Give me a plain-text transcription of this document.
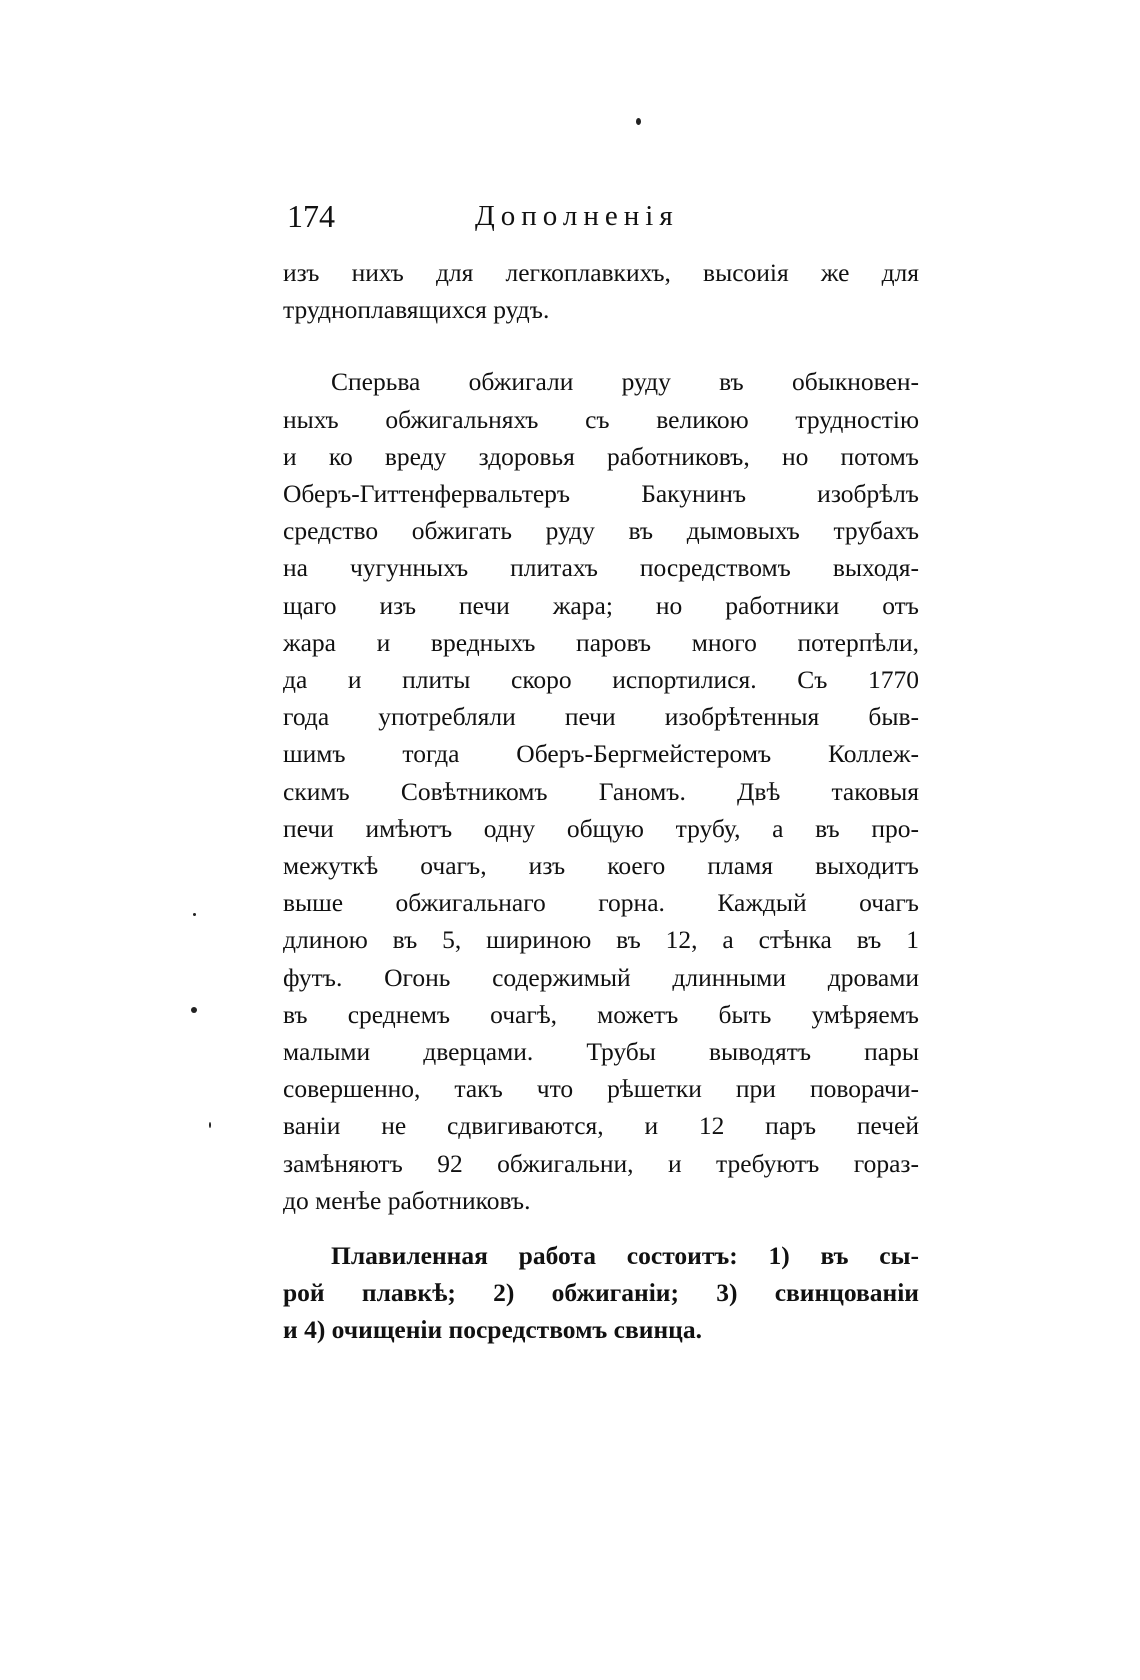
174	Дополненія
изъ нихъ для легкоплавкихъ, высоиія же для
трудноплавящихся рудъ.
Сперьва обжигали руду въ обыкновен-
ныхъ обжигальняхъ съ великою трудностію
и ко вреду здоровья работниковъ, но потомъ
Оберъ-Гиттенфервальтеръ Бакунинъ изобрѣлъ
средство обжигать руду въ дымовыхъ трубахъ
на чугунныхъ плитахъ посредствомъ выходя-
щаго изъ печи жара; но работники отъ
жара и вредныхъ паровъ много потерпѣли,
да и плиты скоро испортилися. Съ 1770
года употребляли печи изобрѣтенныя быв-
шимъ тогда Оберъ-Бергмейстеромъ Коллеж-
скимъ Совѣтникомъ Ганомъ. Двѣ таковыя
печи имѣютъ одну общую трубу, а въ про-
межуткѣ очагъ, изъ коего пламя выходитъ
выше обжигальнаго горна. Каждый очагъ
длиною въ 5, шириною въ 12, а стѣнка въ 1
футъ. Огонь содержимый длинными дровами
въ среднемъ очагѣ, можетъ быть умѣряемъ
малыми дверцами. Трубы выводятъ пары
совершенно, такъ что рѣшетки при поворачи-
ваніи не сдвигиваются, и 12 паръ печей
замѣняютъ 92 обжигальни, и требуютъ гораз-
до менѣе работниковъ.
Плавиленная работа состоитъ: 1) въ сы-
рой плавкѣ; 2) обжиганіи; 3) свинцованіи
и 4) очищеніи посредствомъ свинца.
